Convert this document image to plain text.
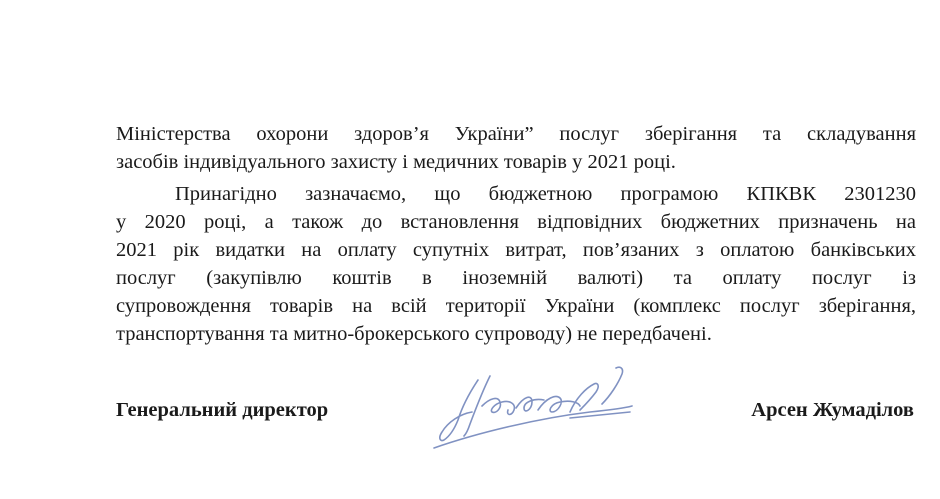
Міністерства охорони здоров’я України” послуг зберігання та складування
засобів індивідуального захисту і медичних товарів у 2021 році.
Принагідно зазначаємо, що бюджетною програмою КПКВК 2301230
у 2020 році, а також до встановлення відповідних бюджетних призначень на
2021 рік видатки на оплату супутніх витрат, пов’язаних з оплатою банківських
послуг (закупівлю коштів в іноземній валюті) та оплату послуг із
супровождення товарів на всій території України (комплекс послуг зберігання,
транспортування та митно-брокерського супроводу) не передбачені.
Генеральний директор	Арсен Жумаділов
